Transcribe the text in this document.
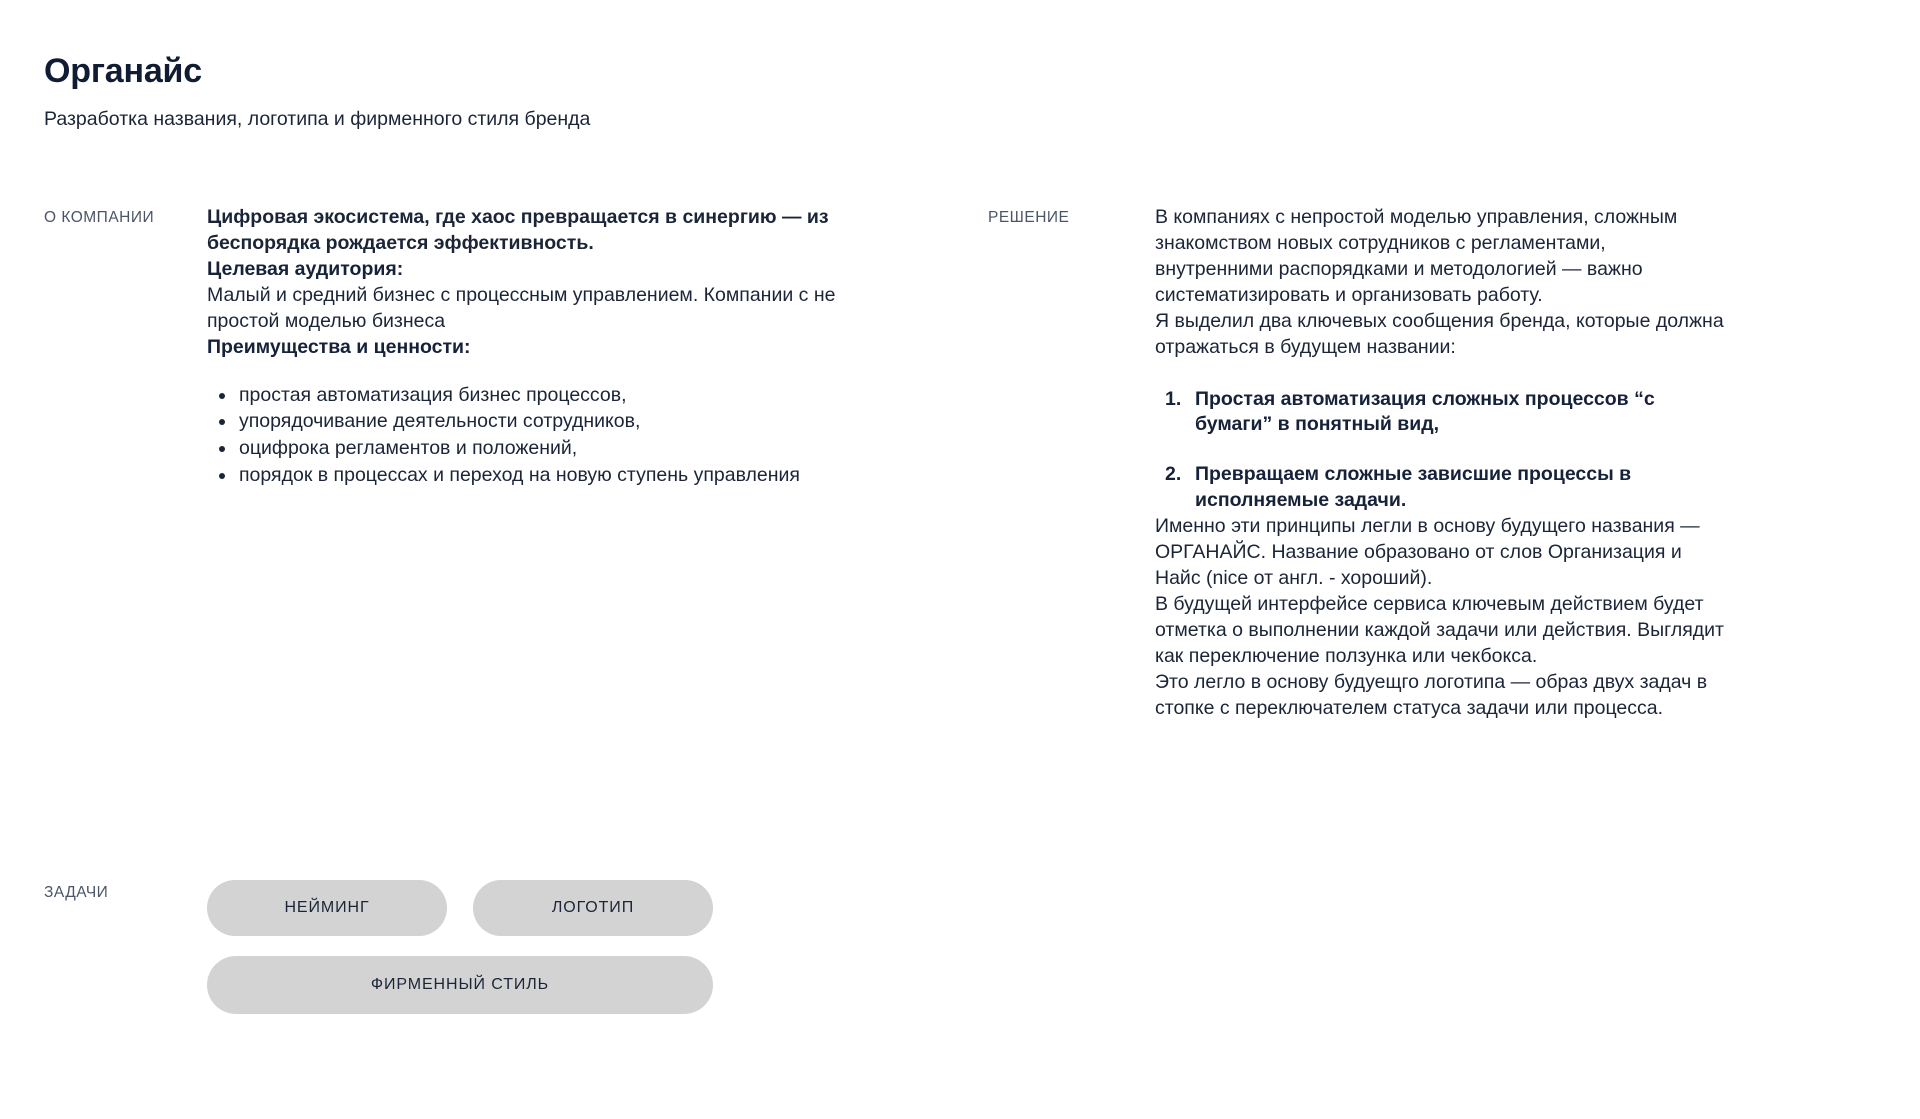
Органайс

Разработка названия, логотипа и фирменного стиля бренда

О КОМПАНИИ	Цифровая экосистема, где хаос превращается в синергию — из беспорядка рождается эффективность.

Целевая аудитория:

Малый и средний бизнес с процессным управлением. Компании с не простой моделью бизнеса

Преимущества и ценности:
простая автоматизация бизнес процессов,
упорядочивание деятельности сотрудников,
оцифрока регламентов и положений,
порядок в процессах и переход на новую ступень управления
РЕШЕНИЕ	В компаниях с непростой моделью управления, сложным знакомством новых сотрудников с регламентами, внутренними распорядками и методологией — важно систематизировать и организовать работу.

Я выделил два ключевых сообщения бренда, которые должна отражаться в будущем названии:

Простая автоматизация сложных процессов “с бумаги” в понятный вид,
Превращаем сложные зависшие процессы в исполняемые задачи.

Именно эти принципы легли в основу будущего названия — ОРГАНАЙС. Название образовано от слов Организация и Найс (nice от англ. - хороший).

В будущей интерфейсе сервиса ключевым действием будет отметка о выполнении каждой задачи или действия. Выглядит как переключение ползунка или чекбокса.

Это легло в основу будуещго логотипа — образ двух задач в стопке с переключателем статуса задачи или процесса.

ЗАДАЧИ
НЕЙМИНГ	ЛОГОТИП
ФИРМЕННЫЙ СТИЛЬ
